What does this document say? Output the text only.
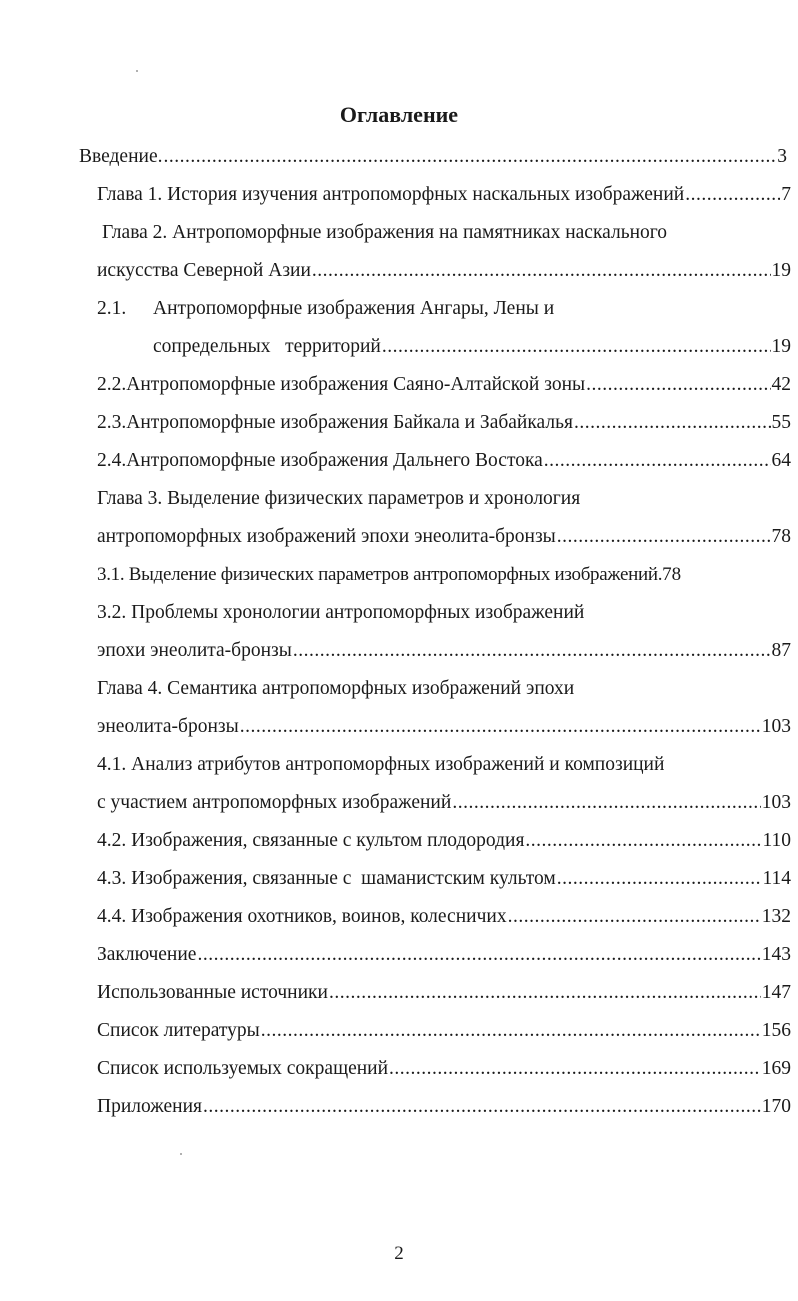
Оглавление
Введение. .....	3
Глава 1. История изучения антропоморфных наскальных изображений .....	7
Глава 2. Антропоморфные изображения на памятниках наскального
искусства Северной Азии .....	19
2.1. Антропоморфные изображения Ангары, Лены и
сопредельных   территорий .....	19
2.2. Антропоморфные изображения Саяно-Алтайской зоны .....	42
2.3. Антропоморфные изображения Байкала и Забайкалья .....	55
2.4. Антропоморфные изображения Дальнего Востока .....	64
Глава 3. Выделение физических параметров и хронология
антропоморфных изображений эпохи энеолита-бронзы .....	78
3.1. Выделение физических параметров антропоморфных изображений. 78
3.2. Проблемы хронологии антропоморфных изображений
эпохи энеолита-бронзы .....	87
Глава 4. Семантика антропоморфных изображений эпохи
энеолита-бронзы .....	103
4.1. Анализ атрибутов антропоморфных изображений и композиций
с участием антропоморфных изображений .....	103
4.2. Изображения, связанные с культом плодородия .....	110
4.3. Изображения, связанные с  шаманистским культом .....	114
4.4. Изображения охотников, воинов, колесничих .....	132
Заключение .....	143
Использованные источники .....	147
Список литературы .....	156
Список используемых сокращений .....	169
Приложения .....	170
2
